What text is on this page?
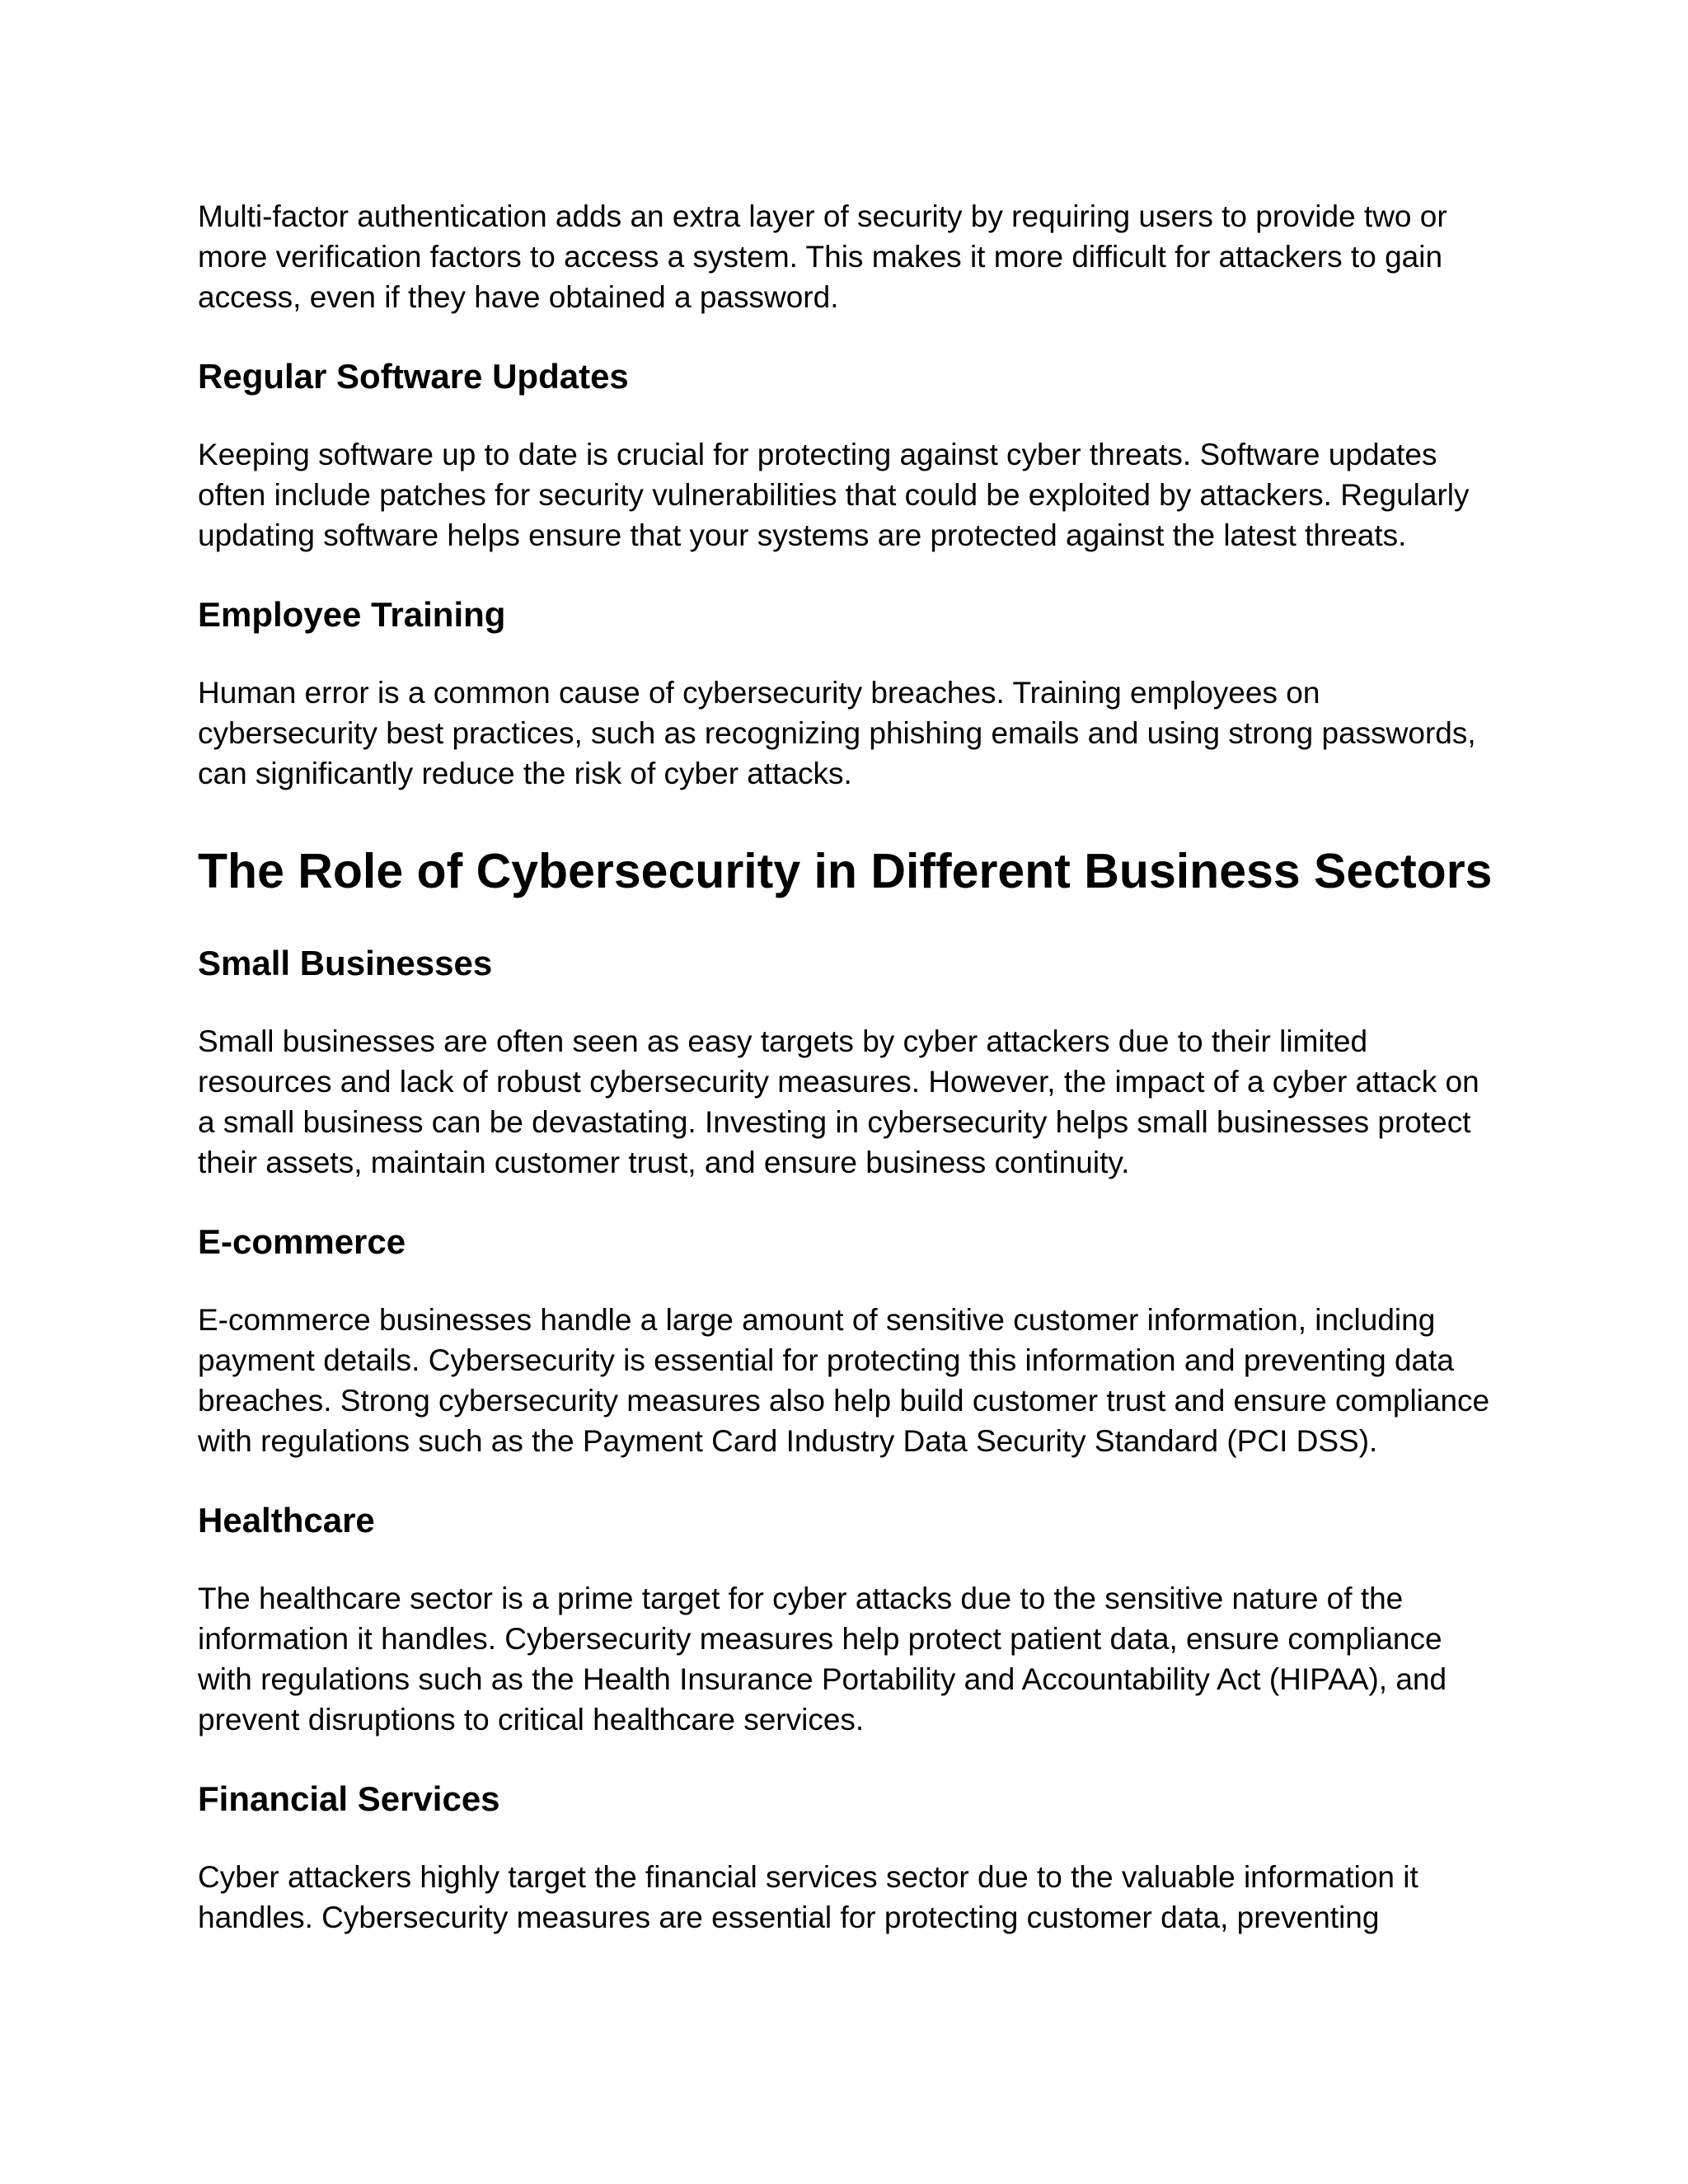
Multi-factor authentication adds an extra layer of security by requiring users to provide two or more verification factors to access a system. This makes it more difficult for attackers to gain access, even if they have obtained a password.

Regular Software Updates

Keeping software up to date is crucial for protecting against cyber threats. Software updates often include patches for security vulnerabilities that could be exploited by attackers. Regularly updating software helps ensure that your systems are protected against the latest threats.

Employee Training

Human error is a common cause of cybersecurity breaches. Training employees on cybersecurity best practices, such as recognizing phishing emails and using strong passwords, can significantly reduce the risk of cyber attacks.

The Role of Cybersecurity in Different Business Sectors
Small Businesses

Small businesses are often seen as easy targets by cyber attackers due to their limited resources and lack of robust cybersecurity measures. However, the impact of a cyber attack on a small business can be devastating. Investing in cybersecurity helps small businesses protect their assets, maintain customer trust, and ensure business continuity.

E-commerce

E-commerce businesses handle a large amount of sensitive customer information, including payment details. Cybersecurity is essential for protecting this information and preventing data breaches. Strong cybersecurity measures also help build customer trust and ensure compliance with regulations such as the Payment Card Industry Data Security Standard (PCI DSS).

Healthcare

The healthcare sector is a prime target for cyber attacks due to the sensitive nature of the information it handles. Cybersecurity measures help protect patient data, ensure compliance with regulations such as the Health Insurance Portability and Accountability Act (HIPAA), and prevent disruptions to critical healthcare services.

Financial Services

Cyber attackers highly target the financial services sector due to the valuable information it handles. Cybersecurity measures are essential for protecting customer data, preventing
